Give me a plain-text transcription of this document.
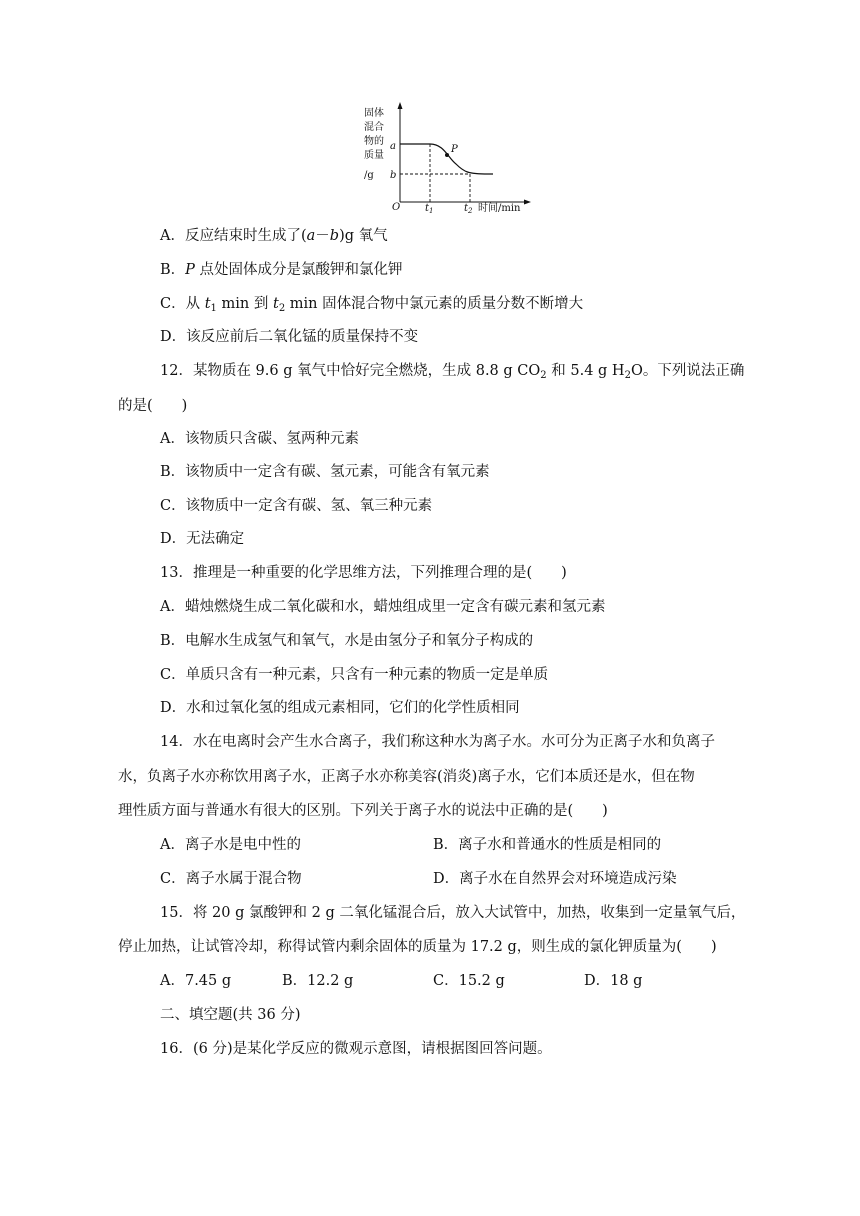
固体
混合
物的
质量
/g
O
a
b
P
$t_1$	$t_2$ 时间/min
A．反应结束时生成了(a－b)g 氧气
B．P 点处固体成分是氯酸钾和氯化钾
C．从 $t_1$ min 到 $t_2$ min 固体混合物中氯元素的质量分数不断增大
D．该反应前后二氧化锰的质量保持不变
12．某物质在 9.6 g 氧气中恰好完全燃烧，生成 8.8 g $CO_2$ 和 5.4 g $H_2O$。下列说法正确
的是(　　)
A．该物质只含碳、氢两种元素
B．该物质中一定含有碳、氢元素，可能含有氧元素
C．该物质中一定含有碳、氢、氧三种元素
D．无法确定
13．推理是一种重要的化学思维方法，下列推理合理的是(　　)
A．蜡烛燃烧生成二氧化碳和水，蜡烛组成里一定含有碳元素和氢元素
B．电解水生成氢气和氧气，水是由氢分子和氧分子构成的
C．单质只含有一种元素，只含有一种元素的物质一定是单质
D．水和过氧化氢的组成元素相同，它们的化学性质相同
14．水在电离时会产生水合离子，我们称这种水为离子水。水可分为正离子水和负离子
水，负离子水亦称饮用离子水，正离子水亦称美容(消炎)离子水，它们本质还是水，但在物
理性质方面与普通水有很大的区别。下列关于离子水的说法中正确的是(　　)
A．离子水是电中性的	B．离子水和普通水的性质是相同的
C．离子水属于混合物	D．离子水在自然界会对环境造成污染
15．将 20 g 氯酸钾和 2 g 二氧化锰混合后，放入大试管中，加热，收集到一定量氧气后，
停止加热，让试管冷却，称得试管内剩余固体的质量为 17.2 g，则生成的氯化钾质量为(　　)
A．7.45 g	B．12.2 g	C．15.2 g	D．18 g
二、填空题(共 36 分)
16．(6 分)是某化学反应的微观示意图，请根据图回答问题。
